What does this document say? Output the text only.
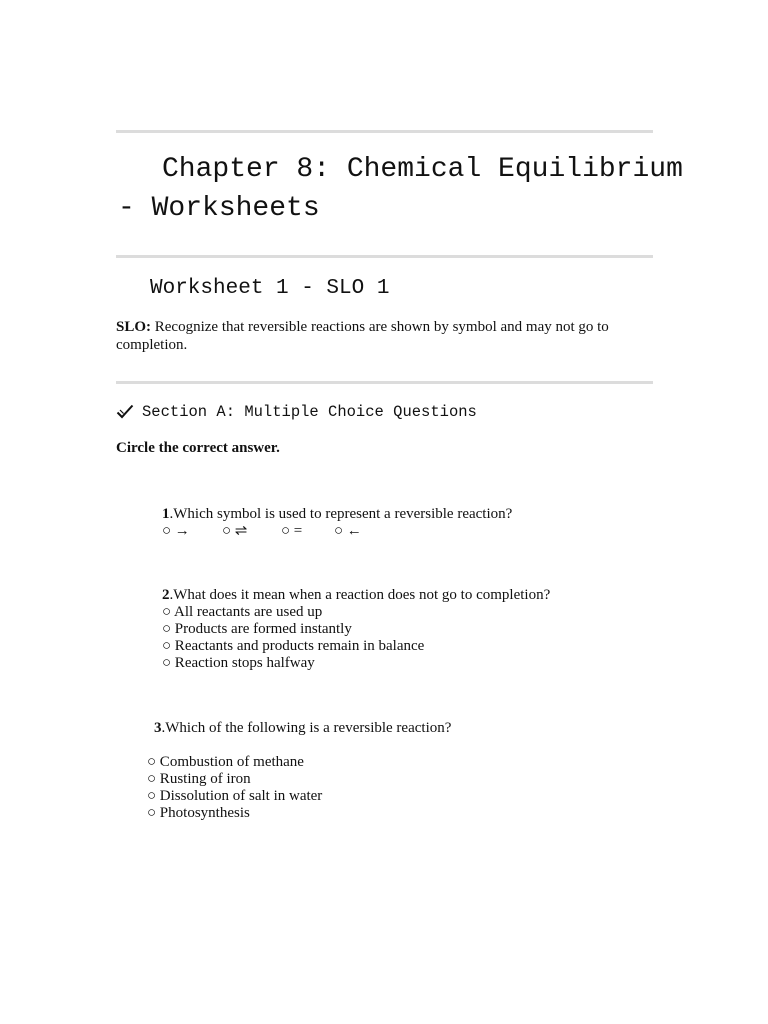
Chapter 8: Chemical Equilibrium
- Worksheets
Worksheet 1 - SLO 1
SLO: Recognize that reversible reactions are shown by symbol and may not go to completion.
Section A: Multiple Choice Questions
Circle the correct answer.
1.Which symbol is used to represent a reversible reaction?
○ → ○ ⇌ ○ = ○ ←
2.What does it mean when a reaction does not go to completion?
○ All reactants are used up
○ Products are formed instantly
○ Reactants and products remain in balance
○ Reaction stops halfway
3.Which of the following is a reversible reaction?
○ Combustion of methane
○ Rusting of iron
○ Dissolution of salt in water
○ Photosynthesis
